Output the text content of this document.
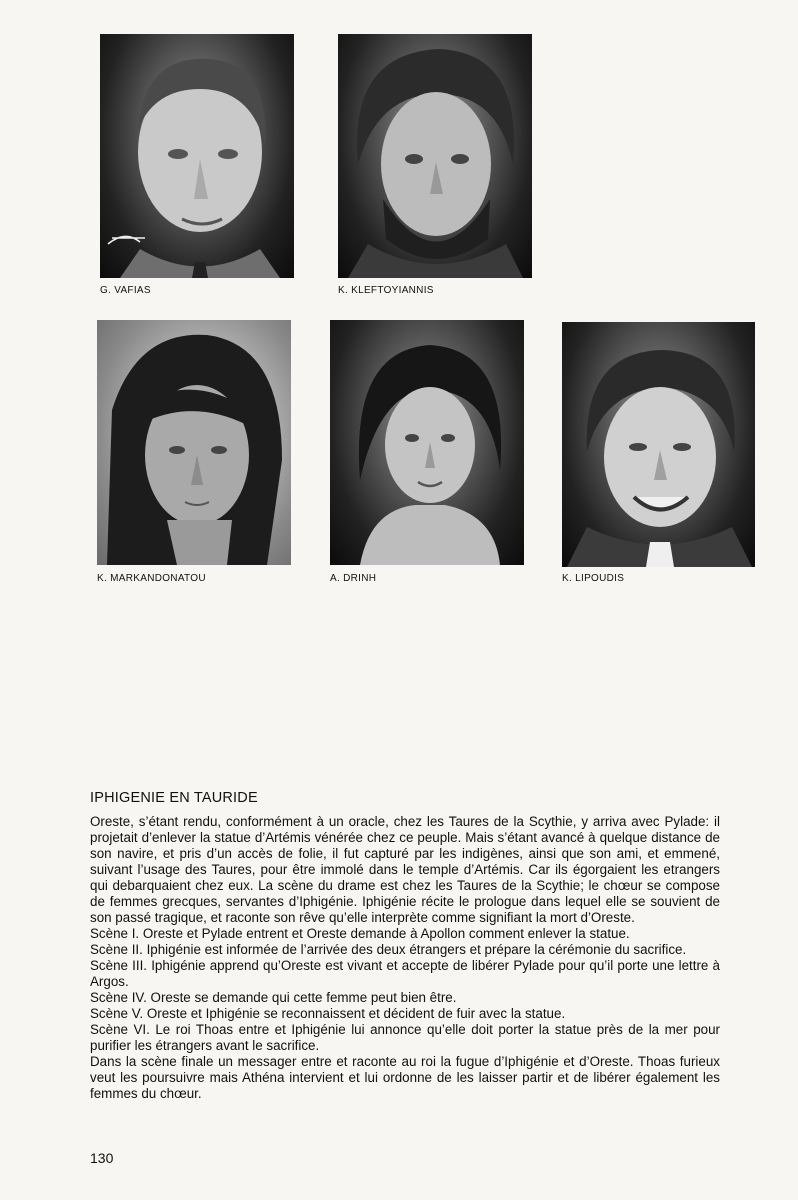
G. VAFIAS	K. KLEFTOYIANNIS
K. MARKANDONATOU	A. DRINH	K. LIPOUDIS
IPHIGENIE EN TAURIDE

Oreste, s’étant rendu, conformément à un oracle, chez les Taures de la Scythie, y arriva avec Pylade: il projetait d’enlever la statue d’Artémis vénérée chez ce peuple. Mais s’étant avancé à quelque distance de son navire, et pris d’un accès de folie, il fut capturé par les indigènes, ainsi que son ami, et emmené, suivant l’usage des Taures, pour être immolé dans le temple d’Artémis. Car ils égorgaient les etrangers qui debarquaient chez eux. La scène du drame est chez les Taures de la Scythie; le chœur se compose de femmes grecques, servantes d’Iphigénie. Iphigénie récite le prologue dans lequel elle se souvient de son passé tragique, et raconte son rêve qu’elle interprète comme signifiant la mort d’Oreste.

Scène I. Oreste et Pylade entrent et Oreste demande à Apollon comment enlever la statue.

Scène II. Iphigénie est informée de l’arrivée des deux étrangers et prépare la cérémonie du sacrifice.

Scène III. Iphigénie apprend qu’Oreste est vivant et accepte de libérer Pylade pour qu’il porte une lettre à Argos.

Scène IV. Oreste se demande qui cette femme peut bien être.

Scène V. Oreste et Iphigénie se reconnaissent et décident de fuir avec la statue.

Scène VI. Le roi Thoas entre et Iphigénie lui annonce qu’elle doit porter la statue près de la mer pour purifier les étrangers avant le sacrifice.

Dans la scène finale un messager entre et raconte au roi la fugue d’Iphigénie et d’Oreste. Thoas furieux veut les poursuivre mais Athéna intervient et lui ordonne de les laisser partir et de libérer également les femmes du chœur.

130
